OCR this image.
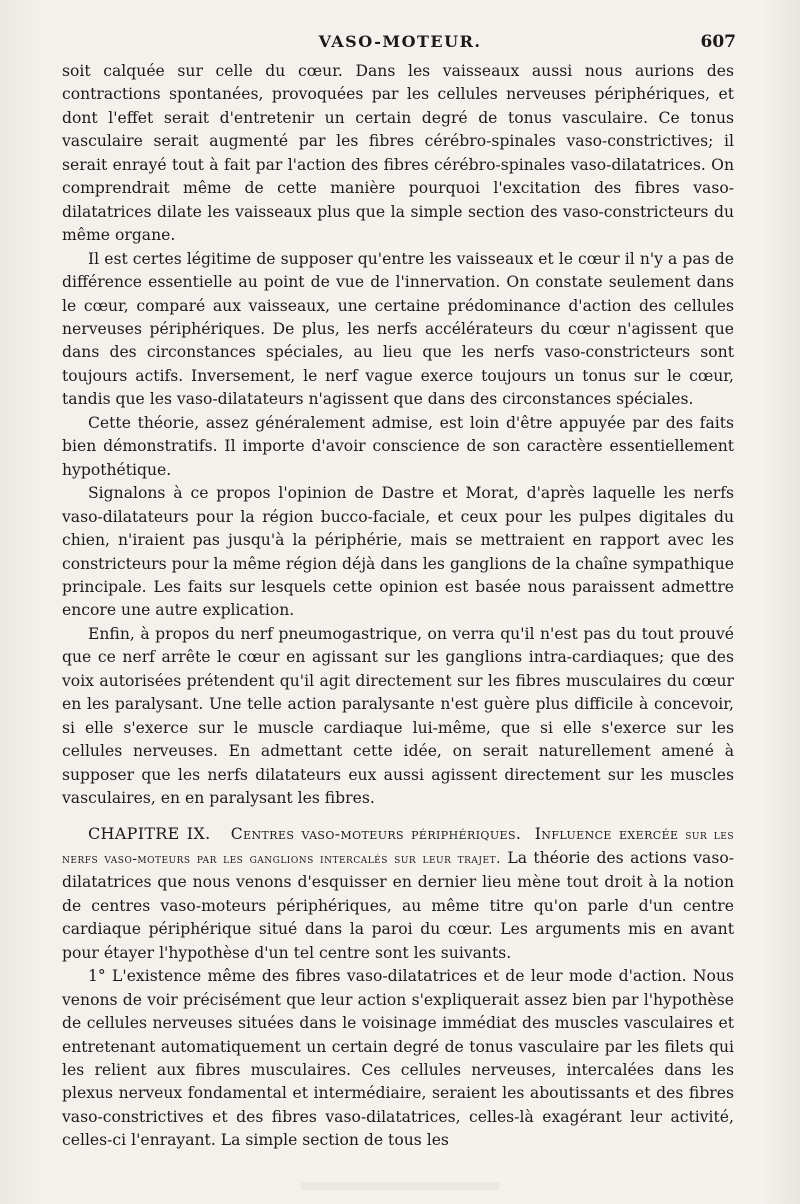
VASO-MOTEUR.	607

soit calquée sur celle du cœur. Dans les vaisseaux aussi nous aurions des contractions spontanées, provoquées par les cellules nerveuses périphériques, et dont l'effet serait d'entretenir un certain degré de tonus vasculaire. Ce tonus vasculaire serait augmenté par les fibres cérébro-spinales vaso-constrictives; il serait enrayé tout à fait par l'action des fibres cérébro-spinales vaso-dilatatrices. On comprendrait même de cette manière pourquoi l'excitation des fibres vaso-dilatatrices dilate les vaisseaux plus que la simple section des vaso-constricteurs du même organe.

Il est certes légitime de supposer qu'entre les vaisseaux et le cœur il n'y a pas de différence essentielle au point de vue de l'innervation. On constate seulement dans le cœur, comparé aux vaisseaux, une certaine prédominance d'action des cellules nerveuses périphériques. De plus, les nerfs accélérateurs du cœur n'agissent que dans des circonstances spéciales, au lieu que les nerfs vaso-constricteurs sont toujours actifs. Inversement, le nerf vague exerce toujours un tonus sur le cœur, tandis que les vaso-dilatateurs n'agissent que dans des circonstances spéciales.

Cette théorie, assez généralement admise, est loin d'être appuyée par des faits bien démonstratifs. Il importe d'avoir conscience de son caractère essentiellement hypothétique.

Signalons à ce propos l'opinion de Dastre et Morat, d'après laquelle les nerfs vaso-dilatateurs pour la région bucco-faciale, et ceux pour les pulpes digitales du chien, n'iraient pas jusqu'à la périphérie, mais se mettraient en rapport avec les constricteurs pour la même région déjà dans les ganglions de la chaîne sympathique principale. Les faits sur lesquels cette opinion est basée nous paraissent admettre encore une autre explication.

Enfin, à propos du nerf pneumogastrique, on verra qu'il n'est pas du tout prouvé que ce nerf arrête le cœur en agissant sur les ganglions intra-cardiaques; que des voix autorisées prétendent qu'il agit directement sur les fibres musculaires du cœur en les paralysant. Une telle action paralysante n'est guère plus difficile à concevoir, si elle s'exerce sur le muscle cardiaque lui-même, que si elle s'exerce sur les cellules nerveuses. En admettant cette idée, on serait naturellement amené à supposer que les nerfs dilatateurs eux aussi agissent directement sur les muscles vasculaires, en en paralysant les fibres.

CHAPITRE IX. Centres vaso-moteurs périphériques. Influence exercée sur les nerfs vaso-moteurs par les ganglions intercalés sur leur trajet. La théorie des actions vaso-dilatatrices que nous venons d'esquisser en dernier lieu mène tout droit à la notion de centres vaso-moteurs périphériques, au même titre qu'on parle d'un centre cardiaque périphérique situé dans la paroi du cœur. Les arguments mis en avant pour étayer l'hypothèse d'un tel centre sont les suivants.

1° L'existence même des fibres vaso-dilatatrices et de leur mode d'action. Nous venons de voir précisément que leur action s'expliquerait assez bien par l'hypothèse de cellules nerveuses situées dans le voisinage immédiat des muscles vasculaires et entretenant automatiquement un certain degré de tonus vasculaire par les filets qui les relient aux fibres musculaires. Ces cellules nerveuses, intercalées dans les plexus nerveux fondamental et intermédiaire, seraient les aboutissants et des fibres vaso-constrictives et des fibres vaso-dilatatrices, celles-là exagérant leur activité, celles-ci l'enrayant. La simple section de tous les
